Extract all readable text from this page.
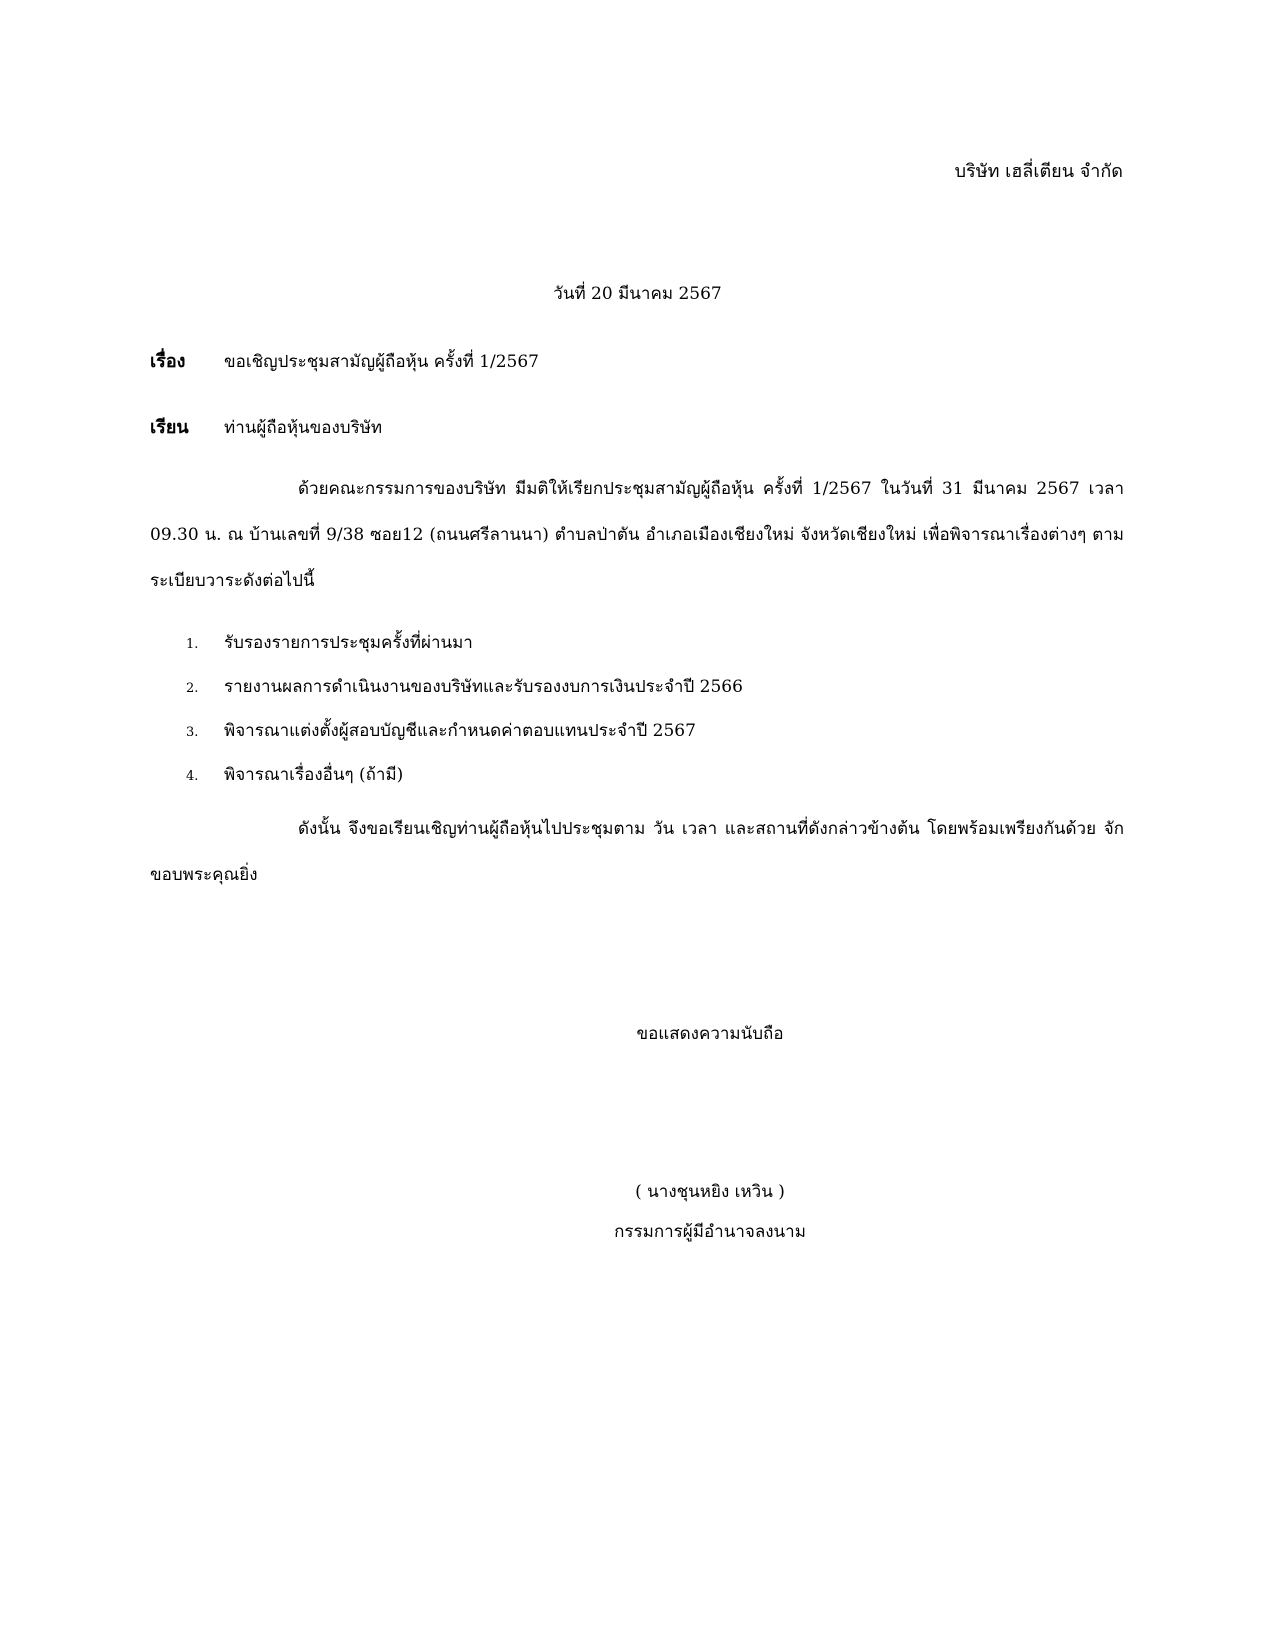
บริษัท เฮลี่เตียน จำกัด
วันที่ 20 มีนาคม 2567
เรื่อง	ขอเชิญประชุมสามัญผู้ถือหุ้น ครั้งที่ 1/2567
เรียน	ท่านผู้ถือหุ้นของบริษัท
ด้วยคณะกรรมการของบริษัท มีมติให้เรียกประชุมสามัญผู้ถือหุ้น ครั้งที่ 1/2567 ในวันที่ 31 มีนาคม 2567 เวลา 09.30 น. ณ บ้านเลขที่ 9/38 ซอย12 (ถนนศรีลานนา) ตำบลป่าตัน อำเภอเมืองเชียงใหม่ จังหวัดเชียงใหม่ เพื่อพิจารณาเรื่องต่างๆ ตามระเบียบวาระดังต่อไปนี้
1.	รับรองรายการประชุมครั้งที่ผ่านมา
2.	รายงานผลการดำเนินงานของบริษัทและรับรองงบการเงินประจำปี 2566
3.	พิจารณาแต่งตั้งผู้สอบบัญชีและกำหนดค่าตอบแทนประจำปี 2567
4.	พิจารณาเรื่องอื่นๆ (ถ้ามี)
ดังนั้น จึงขอเรียนเชิญท่านผู้ถือหุ้นไปประชุมตาม วัน เวลา และสถานที่ดังกล่าวข้างต้น โดยพร้อมเพรียงกันด้วย จักขอบพระคุณยิ่ง
ขอแสดงความนับถือ
( นางชุนหยิง เหวิน )
กรรมการผู้มีอำนาจลงนาม
